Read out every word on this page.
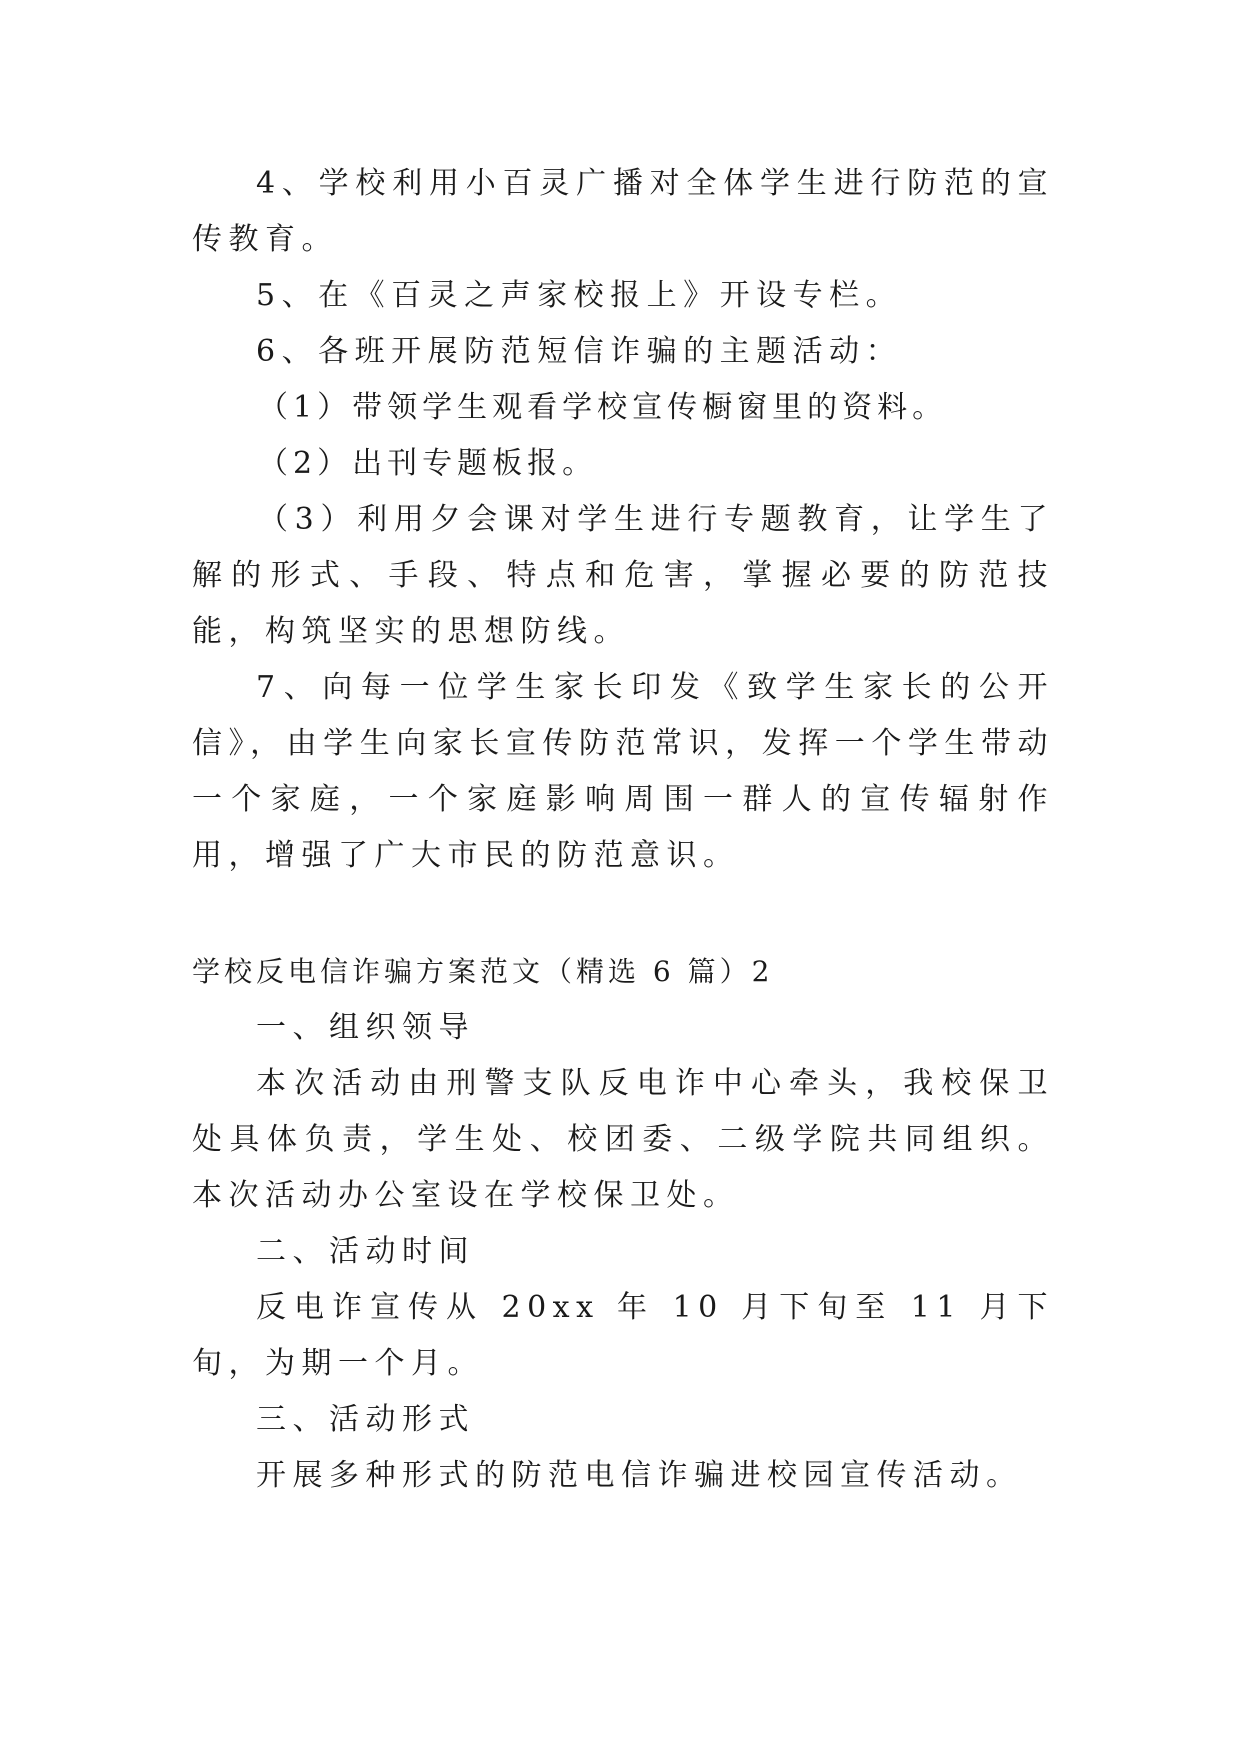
4、学校利用小百灵广播对全体学生进行防范的宣传教育。

5、在《百灵之声家校报上》开设专栏。

6、各班开展防范短信诈骗的主题活动：

（1）带领学生观看学校宣传橱窗里的资料。

（2）出刊专题板报。

（3）利用夕会课对学生进行专题教育，让学生了解的形式、手段、特点和危害，掌握必要的防范技能，构筑坚实的思想防线。

7、向每一位学生家长印发《致学生家长的公开信》，由学生向家长宣传防范常识，发挥一个学生带动一个家庭，一个家庭影响周围一群人的宣传辐射作用，增强了广大市民的防范意识。

学校反电信诈骗方案范文（精选 6 篇）2

一、组织领导

本次活动由刑警支队反电诈中心牵头，我校保卫处具体负责，学生处、校团委、二级学院共同组织。本次活动办公室设在学校保卫处。

二、活动时间

反电诈宣传从 20xx 年 10 月下旬至 11 月下旬，为期一个月。

三、活动形式

开展多种形式的防范电信诈骗进校园宣传活动。
